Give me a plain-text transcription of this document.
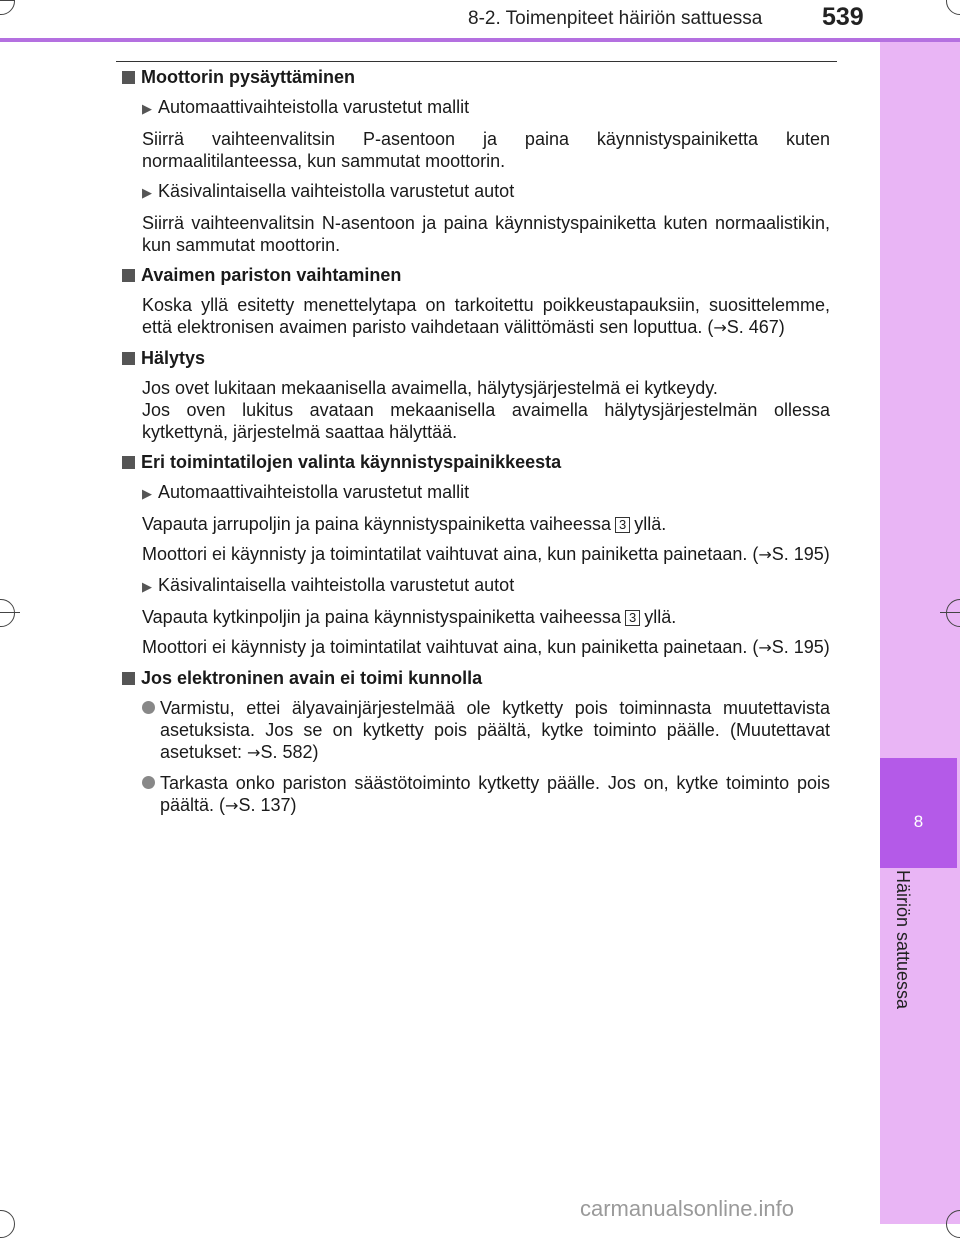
8-2. Toimenpiteet häiriön sattuessa 539
8
Häiriön sattuessa
Moottorin pysäyttäminen
▶ Automaattivaihteistolla varustetut mallit
Siirrä vaihteenvalitsin P-asentoon ja paina käynnistyspainiketta kuten normaalitilanteessa, kun sammutat moottorin.
▶ Käsivalintaisella vaihteistolla varustetut autot
Siirrä vaihteenvalitsin N-asentoon ja paina käynnistyspainiketta kuten normaalistikin, kun sammutat moottorin.
Avaimen pariston vaihtaminen
Koska yllä esitetty menettelytapa on tarkoitettu poikkeustapauksiin, suosittelemme, että elektronisen avaimen paristo vaihdetaan välittömästi sen loputtua. (→S. 467)
Hälytys
Jos ovet lukitaan mekaanisella avaimella, hälytysjärjestelmä ei kytkeydy.
Jos oven lukitus avataan mekaanisella avaimella hälytysjärjestelmän ollessa kytkettynä, järjestelmä saattaa hälyttää.
Eri toimintatilojen valinta käynnistyspainikkeesta
▶ Automaattivaihteistolla varustetut mallit
Vapauta jarrupoljin ja paina käynnistyspainiketta vaiheessa 3 yllä.
Moottori ei käynnisty ja toimintatilat vaihtuvat aina, kun painiketta painetaan. (→S. 195)
▶ Käsivalintaisella vaihteistolla varustetut autot
Vapauta kytkinpoljin ja paina käynnistyspainiketta vaiheessa 3 yllä.
Moottori ei käynnisty ja toimintatilat vaihtuvat aina, kun painiketta painetaan. (→S. 195)
Jos elektroninen avain ei toimi kunnolla
Varmistu, ettei älyavainjärjestelmää ole kytketty pois toiminnasta muutettavista asetuksista. Jos se on kytketty pois päältä, kytke toiminto päälle. (Muutettavat asetukset: →S. 582)
Tarkasta onko pariston säästötoiminto kytketty päälle. Jos on, kytke toiminto pois päältä. (→S. 137)
carmanualsonline.info
